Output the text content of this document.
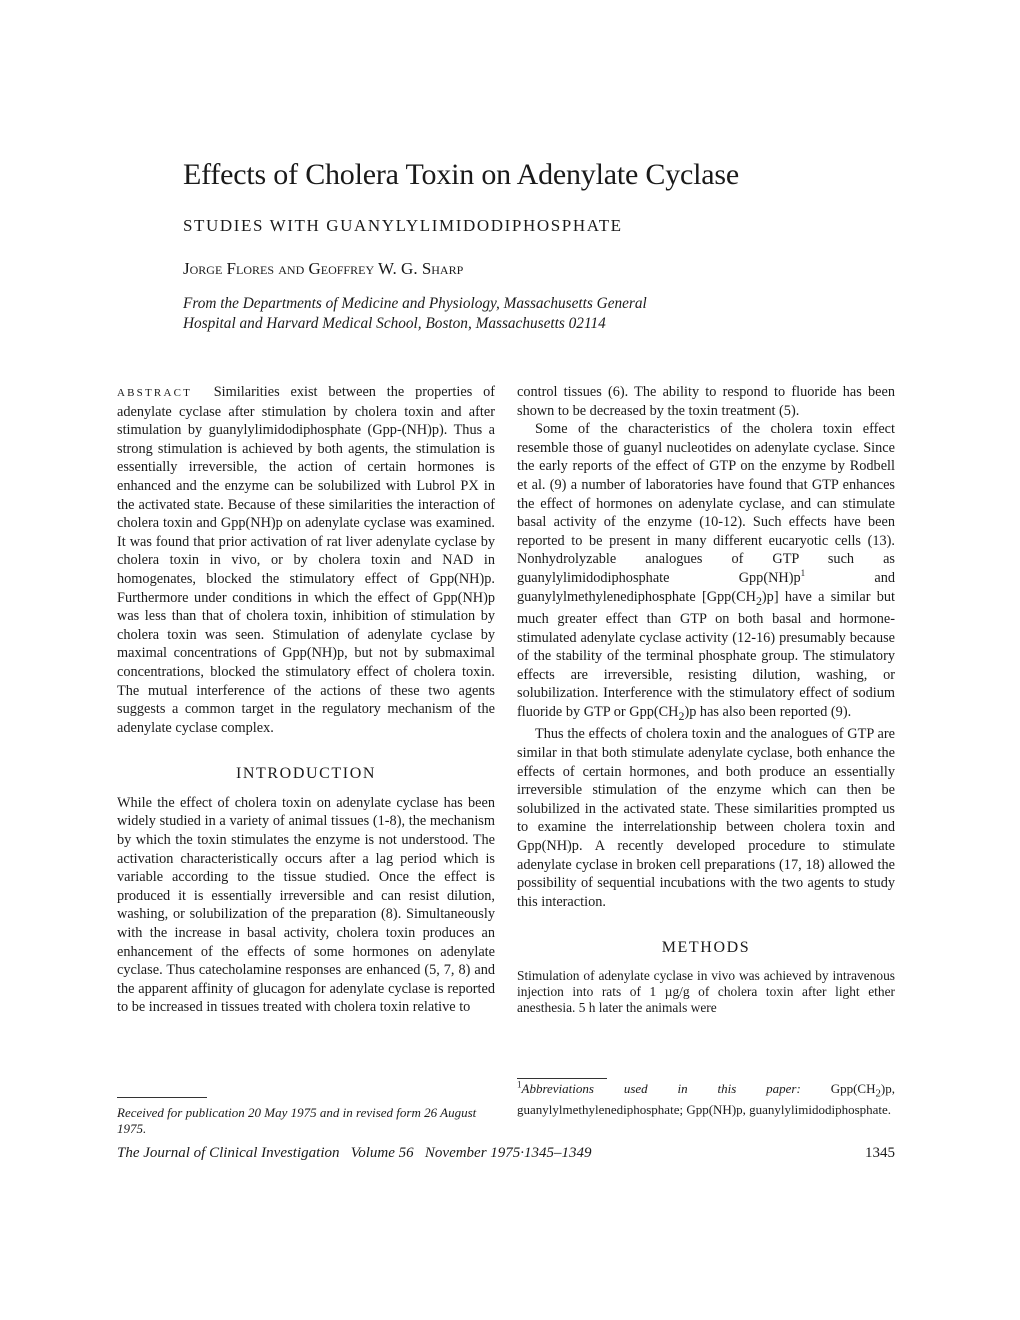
Effects of Cholera Toxin on Adenylate Cyclase
STUDIES WITH GUANYLYLIMIDODIPHOSPHATE
Jorge Flores and Geoffrey W. G. Sharp
From the Departments of Medicine and Physiology, Massachusetts General
Hospital and Harvard Medical School, Boston, Massachusetts 02114

ABSTRACT Similarities exist between the properties of adenylate cyclase after stimulation by cholera toxin and after stimulation by guanylylimidodiphosphate (Gpp-(NH)p). Thus a strong stimulation is achieved by both agents, the stimulation is essentially irreversible, the action of certain hormones is enhanced and the enzyme can be solubilized with Lubrol PX in the activated state. Because of these similarities the interaction of cholera toxin and Gpp(NH)p on adenylate cyclase was examined. It was found that prior activation of rat liver adenylate cyclase by cholera toxin in vivo, or by cholera toxin and NAD in homogenates, blocked the stimulatory effect of Gpp(NH)p. Furthermore under conditions in which the effect of Gpp(NH)p was less than that of cholera toxin, inhibition of stimulation by cholera toxin was seen. Stimulation of adenylate cyclase by maximal concentrations of Gpp(NH)p, but not by submaximal concentrations, blocked the stimulatory effect of cholera toxin. The mutual interference of the actions of these two agents suggests a common target in the regulatory mechanism of the adenylate cyclase complex.

INTRODUCTION

While the effect of cholera toxin on adenylate cyclase has been widely studied in a variety of animal tissues (1-8), the mechanism by which the toxin stimulates the enzyme is not understood. The activation characteristically occurs after a lag period which is variable according to the tissue studied. Once the effect is produced it is essentially irreversible and can resist dilution, washing, or solubilization of the preparation (8). Simultaneously with the increase in basal activity, cholera toxin produces an enhancement of the effects of some hormones on adenylate cyclase. Thus catecholamine responses are enhanced (5, 7, 8) and the apparent affinity of glucagon for adenylate cyclase is reported to be increased in tissues treated with cholera toxin relative to

Received for publication 20 May 1975 and in revised form 26 August 1975.

control tissues (6). The ability to respond to fluoride has been shown to be decreased by the toxin treatment (5).

Some of the characteristics of the cholera toxin effect resemble those of guanyl nucleotides on adenylate cyclase. Since the early reports of the effect of GTP on the enzyme by Rodbell et al. (9) a number of laboratories have found that GTP enhances the effect of hormones on adenylate cyclase, and can stimulate basal activity of the enzyme (10-12). Such effects have been reported to be present in many different eucaryotic cells (13). Nonhydrolyzable analogues of GTP such as guanylylimidodiphosphate $Gpp(NH)p^1$ and guanylylmethylenediphosphate $[Gpp(CH_2)p]$ have a similar but much greater effect than GTP on both basal and hormone-stimulated adenylate cyclase activity (12-16) presumably because of the stability of the terminal phosphate group. The stimulatory effects are irreversible, resisting dilution, washing, or solubilization. Interference with the stimulatory effect of sodium fluoride by GTP or $Gpp(CH_2)p$ has also been reported (9).

Thus the effects of cholera toxin and the analogues of GTP are similar in that both stimulate adenylate cyclase, both enhance the effects of certain hormones, and both produce an essentially irreversible stimulation of the enzyme which can then be solubilized in the activated state. These similarities prompted us to examine the interrelationship between cholera toxin and Gpp(NH)p. A recently developed procedure to stimulate adenylate cyclase in broken cell preparations (17, 18) allowed the possibility of sequential incubations with the two agents to study this interaction.

METHODS

Stimulation of adenylate cyclase in vivo was achieved by intravenous injection into rats of 1 µg/g of cholera toxin after light ether anesthesia. 5 h later the animals were

$^1$Abbreviations used in this paper: $Gpp(CH_2)p$, guanylylmethylenediphosphate; Gpp(NH)p, guanylylimidodiphosphate.
The Journal of Clinical Investigation Volume 56 November 1975·1345–1349	1345
